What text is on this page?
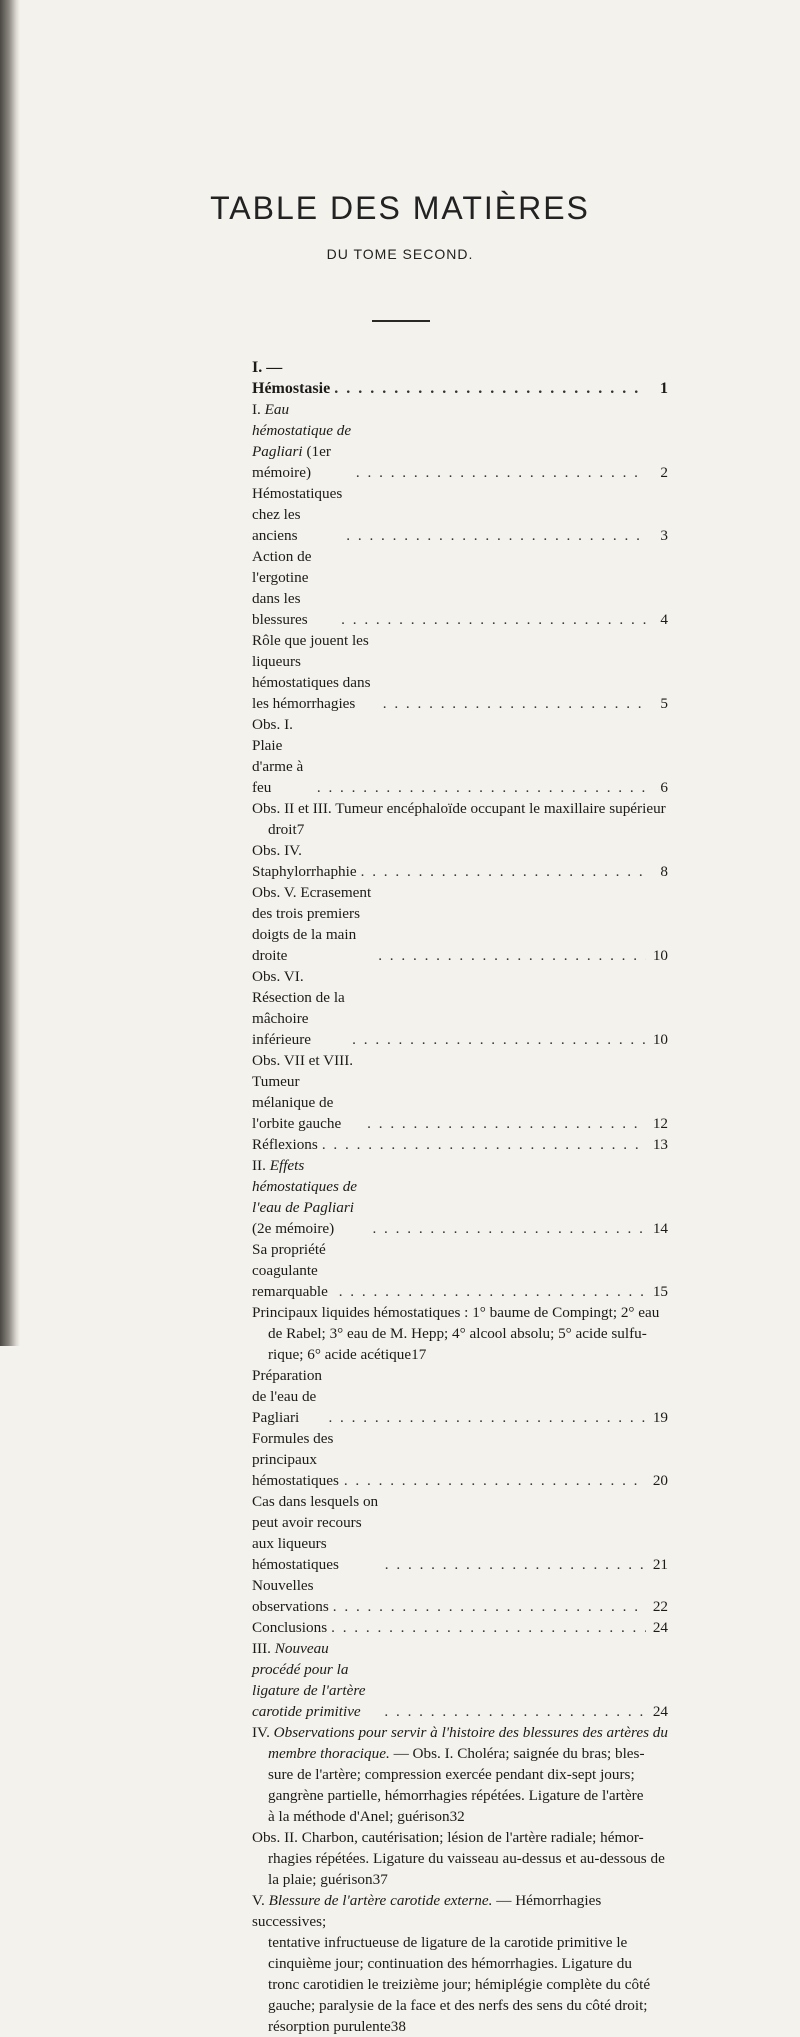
TABLE DES MATIÈRES
DU TOME SECOND.
I. — Hémostasie . . .	1
I. Eau hémostatique de Pagliari (1er mémoire) . . .	2
Hémostatiques chez les anciens . . .	3
Action de l'ergotine dans les blessures . . .	4
Rôle que jouent les liqueurs hémostatiques dans les hémorrhagies . . .	5
Obs. I. Plaie d'arme à feu . . .	6
Obs. II et III. Tumeur encéphaloïde occupant le maxillaire supérieur
droit 7
Obs. IV. Staphylorrhaphie . . .	8
Obs. V. Ecrasement des trois premiers doigts de la main droite . . .	10
Obs. VI. Résection de la mâchoire inférieure . . .	10
Obs. VII et VIII. Tumeur mélanique de l'orbite gauche . . .	12
Réflexions . . .	13
II. Effets hémostatiques de l'eau de Pagliari (2e mémoire) . . .	14
Sa propriété coagulante remarquable . . .	15
Principaux liquides hémostatiques : 1° baume de Compingt; 2° eau
de Rabel; 3° eau de M. Hepp; 4° alcool absolu; 5° acide sulfu-
rique; 6° acide acétique 17
Préparation de l'eau de Pagliari . . .	19
Formules des principaux hémostatiques . . .	20
Cas dans lesquels on peut avoir recours aux liqueurs hémostatiques . . .	21
Nouvelles observations . . .	22
Conclusions . . .	24
III. Nouveau procédé pour la ligature de l'artère carotide primitive . . .	24
IV. Observations pour servir à l'histoire des blessures des artères du
membre thoracique. — Obs. I. Choléra; saignée du bras; bles-
sure de l'artère; compression exercée pendant dix-sept jours;
gangrène partielle, hémorrhagies répétées. Ligature de l'artère
à la méthode d'Anel; guérison 32
Obs. II. Charbon, cautérisation; lésion de l'artère radiale; hémor-
rhagies répétées. Ligature du vaisseau au-dessus et au-dessous de
la plaie; guérison 37
V. Blessure de l'artère carotide externe. — Hémorrhagies successives;
tentative infructueuse de ligature de la carotide primitive le
cinquième jour; continuation des hémorrhagies. Ligature du
tronc carotidien le treizième jour; hémiplégie complète du côté
gauche; paralysie de la face et des nerfs des sens du côté droit;
résorption purulente 38
